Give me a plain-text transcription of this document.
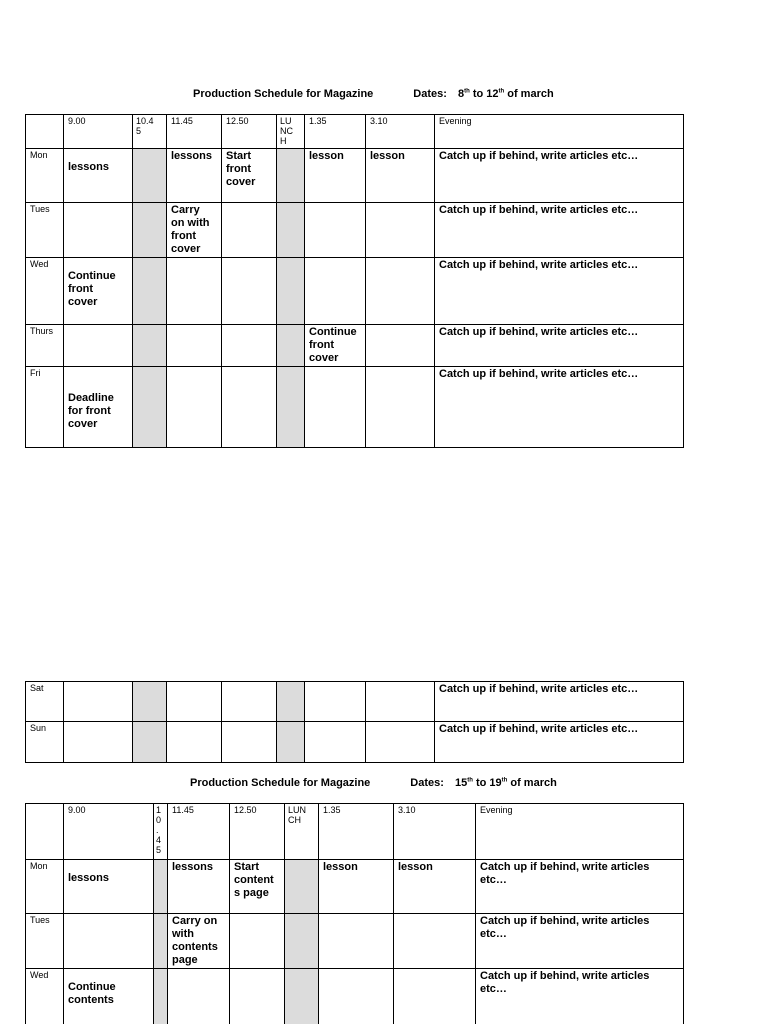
Production Schedule for Magazine	Dates: 8th to 12th of march
	9.00	10.4
5	11.45	12.50	LU
NC
H	1.35	3.10	Evening
Mon	lessons		lessons	Start
front
cover		lesson	lesson	Catch up if behind, write articles etc…
Tues			Carry
on with
front
cover					Catch up if behind, write articles etc…
Wed	Continue
front
cover							Catch up if behind, write articles etc…
Thurs						Continue
front
cover		Catch up if behind, write articles etc…
Fri	Deadline
for front
cover							Catch up if behind, write articles etc…
Sat								Catch up if behind, write articles etc…
Sun								Catch up if behind, write articles etc…
Production Schedule for Magazine	Dates: 15th to 19th of march
	9.00	1
0
.
4
5	11.45	12.50	LUN
CH	1.35	3.10	Evening
Mon	lessons		lessons	Start
content
s page		lesson	lesson	Catch up if behind, write articles
etc…
Tues			Carry on
with
contents
page					Catch up if behind, write articles
etc…
Wed	Continue
contents							Catch up if behind, write articles
etc…
